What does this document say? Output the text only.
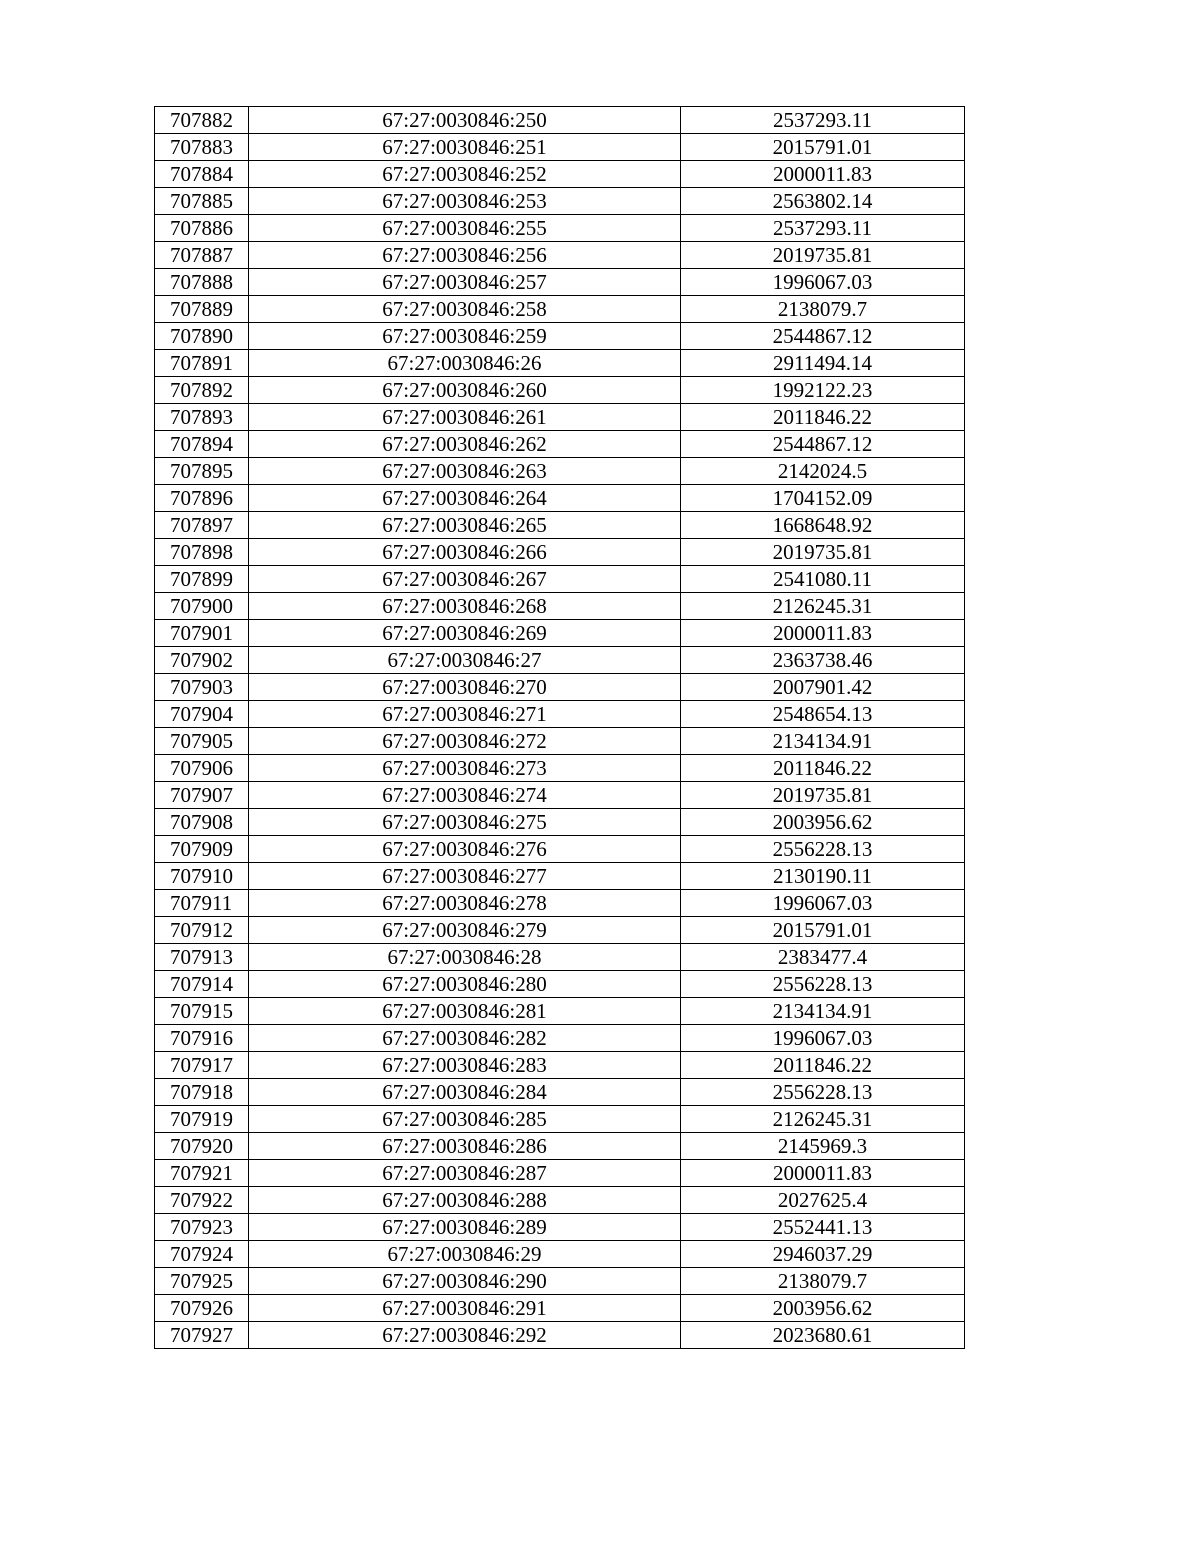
707882	67:27:0030846:250	2537293.11
707883	67:27:0030846:251	2015791.01
707884	67:27:0030846:252	2000011.83
707885	67:27:0030846:253	2563802.14
707886	67:27:0030846:255	2537293.11
707887	67:27:0030846:256	2019735.81
707888	67:27:0030846:257	1996067.03
707889	67:27:0030846:258	2138079.7
707890	67:27:0030846:259	2544867.12
707891	67:27:0030846:26	2911494.14
707892	67:27:0030846:260	1992122.23
707893	67:27:0030846:261	2011846.22
707894	67:27:0030846:262	2544867.12
707895	67:27:0030846:263	2142024.5
707896	67:27:0030846:264	1704152.09
707897	67:27:0030846:265	1668648.92
707898	67:27:0030846:266	2019735.81
707899	67:27:0030846:267	2541080.11
707900	67:27:0030846:268	2126245.31
707901	67:27:0030846:269	2000011.83
707902	67:27:0030846:27	2363738.46
707903	67:27:0030846:270	2007901.42
707904	67:27:0030846:271	2548654.13
707905	67:27:0030846:272	2134134.91
707906	67:27:0030846:273	2011846.22
707907	67:27:0030846:274	2019735.81
707908	67:27:0030846:275	2003956.62
707909	67:27:0030846:276	2556228.13
707910	67:27:0030846:277	2130190.11
707911	67:27:0030846:278	1996067.03
707912	67:27:0030846:279	2015791.01
707913	67:27:0030846:28	2383477.4
707914	67:27:0030846:280	2556228.13
707915	67:27:0030846:281	2134134.91
707916	67:27:0030846:282	1996067.03
707917	67:27:0030846:283	2011846.22
707918	67:27:0030846:284	2556228.13
707919	67:27:0030846:285	2126245.31
707920	67:27:0030846:286	2145969.3
707921	67:27:0030846:287	2000011.83
707922	67:27:0030846:288	2027625.4
707923	67:27:0030846:289	2552441.13
707924	67:27:0030846:29	2946037.29
707925	67:27:0030846:290	2138079.7
707926	67:27:0030846:291	2003956.62
707927	67:27:0030846:292	2023680.61
